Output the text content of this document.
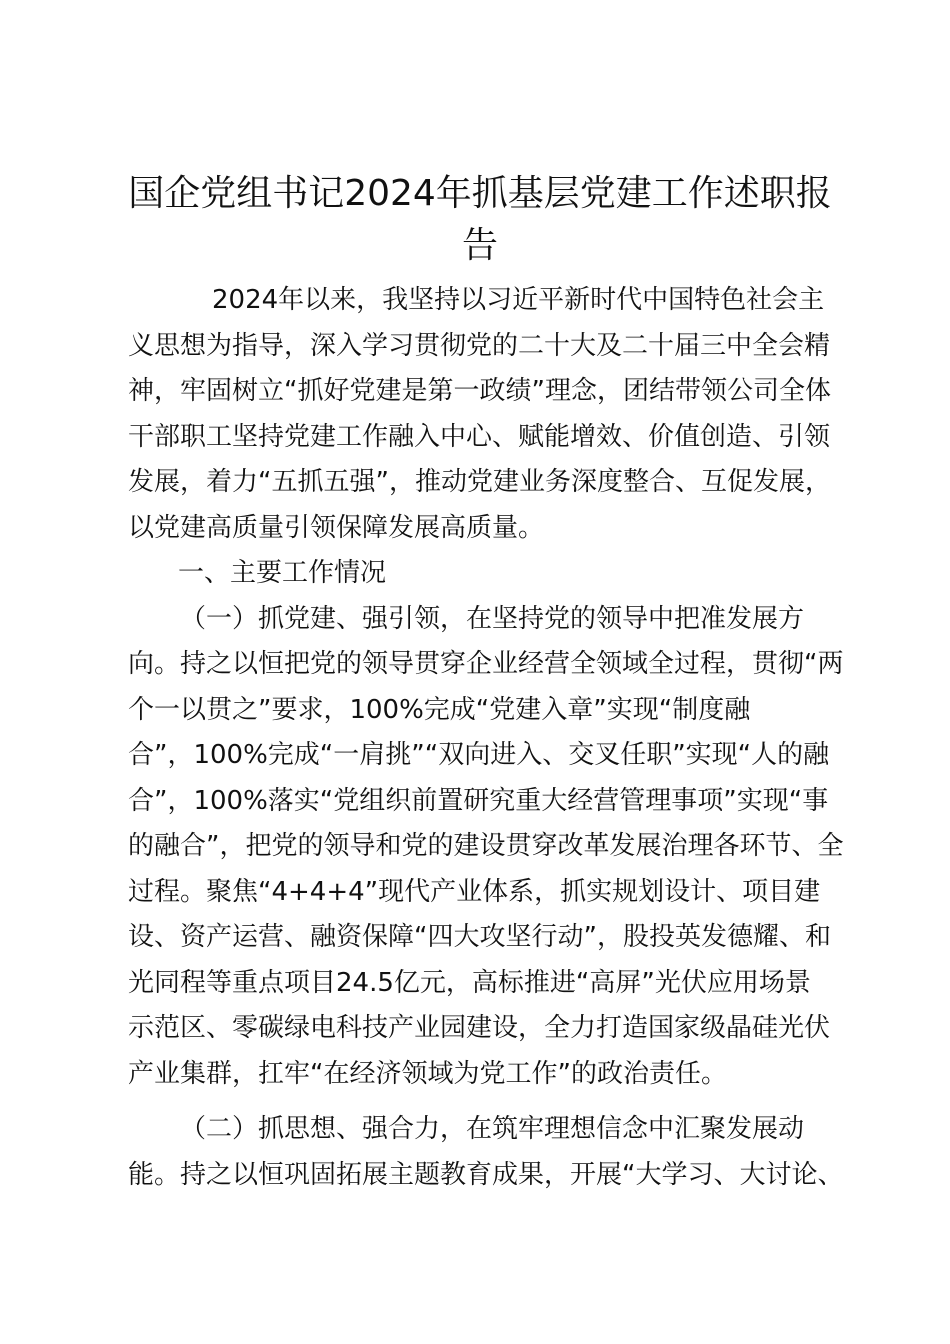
国企党组书记2024年抓基层党建工作述职报
告
2024年以来，我坚持以习近平新时代中国特色社会主
义思想为指导，深入学习贯彻党的二十大及二十届三中全会精
神，牢固树立“抓好党建是第一政绩”理念，团结带领公司全体
干部职工坚持党建工作融入中心、赋能增效、价值创造、引领
发展，着力“五抓五强”，推动党建业务深度整合、互促发展，
以党建高质量引领保障发展高质量。
一、主要工作情况
（一）抓党建、强引领，在坚持党的领导中把准发展方
向。持之以恒把党的领导贯穿企业经营全领域全过程，贯彻“两
个一以贯之”要求，100%完成“党建入章”实现“制度融
合”，100%完成“一肩挑”“双向进入、交叉任职”实现“人的融
合”，100%落实“党组织前置研究重大经营管理事项”实现“事
的融合”，把党的领导和党的建设贯穿改革发展治理各环节、全
过程。聚焦“4+4+4”现代产业体系，抓实规划设计、项目建
设、资产运营、融资保障“四大攻坚行动”，股投英发德耀、和
光同程等重点项目24.5亿元，高标推进“高屏”光伏应用场景
示范区、零碳绿电科技产业园建设，全力打造国家级晶硅光伏
产业集群，扛牢“在经济领域为党工作”的政治责任。
（二）抓思想、强合力，在筑牢理想信念中汇聚发展动
能。持之以恒巩固拓展主题教育成果，开展“大学习、大讨论、
